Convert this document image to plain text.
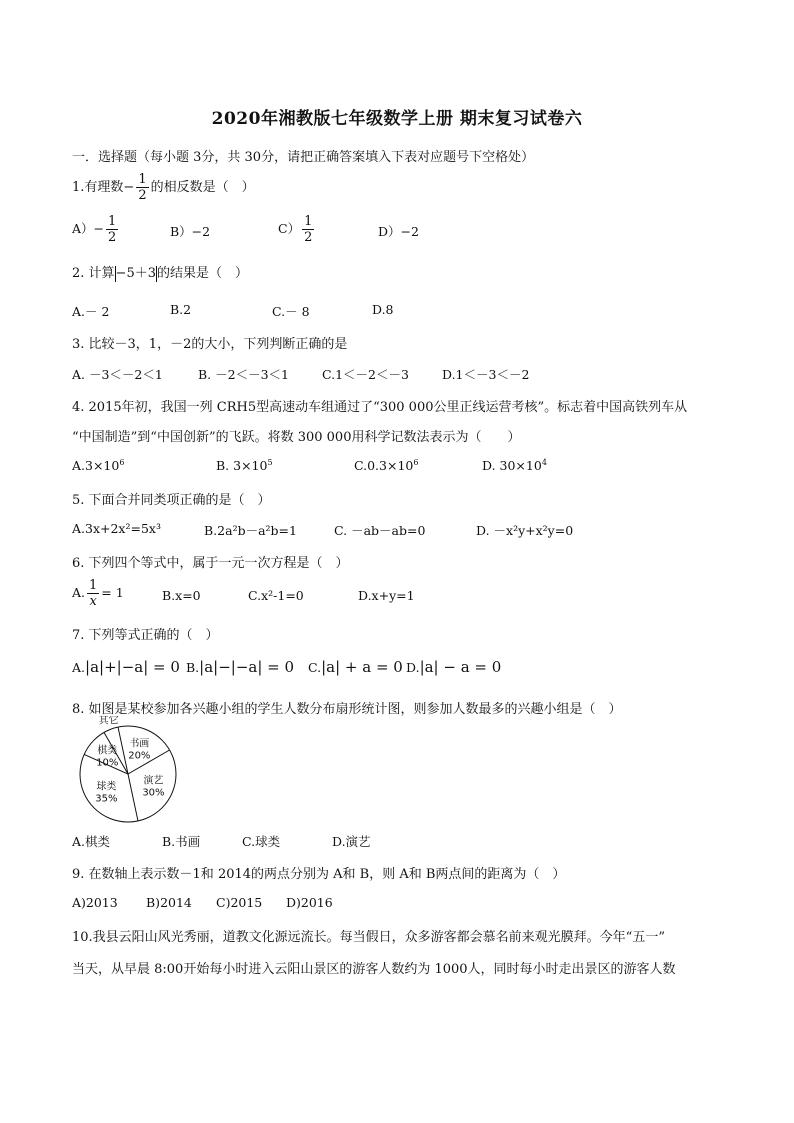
2020年湘教版七年级数学上册 期末复习试卷六
一．选择题（每小题 3分，共 30分，请把正确答案填入下表对应题号下空格处）
1.有理数− $\frac{1}{2}$ 的相反数是（　）
$A)- \frac{1}{2}$	B）−2	$C) \frac{1}{2}$	D）−2
2. 计算−5＋3的结果是（　）
A.－ 2	B.2	C.－ 8	D.8
3. 比较－3，1，－2的大小，下列判断正确的是
A. －3＜－2＜1	B. －2＜－3＜1	C.1＜－2＜－3	D.1＜－3＜－2
4. 2015年初，我国一列 CRH5型高速动车组通过了“300 000公里正线运营考核”。标志着中国高铁列车从
“中国制造”到“中国创新”的飞跃。将数 300 000用科学记数法表示为（　　）
$A.3\times 10^6$	B. $3\times 10^5$	$C.0.3\times 10^6$	D. $30\times 10^4$
5. 下面合并同类项正确的是（　）
A.3x+2x²=5x³	B.2a²b－a²b=1	C. －ab－ab=0	D. －x²y+x²y=0
6. 下列四个等式中，属于一元一次方程是（　）
A. $\frac{1}{x} = 1$	B.x=0	C.x²-1=0	D.x+y=1
7. 下列等式正确的（　）
A.|a|+|−a| = 0 B.|a|−|−a| = 0 C.|a| + a = 0 D.|a| − a = 0
8. 如图是某校参加各兴趣小组的学生人数分布扇形统计图，则参加人数最多的兴趣小组是（　）
其它
书画
20%
演艺
30%
球类
35%
棋类
10%
A.棋类	B.书画	C.球类	D.演艺
9. 在数轴上表示数－1和 2014的两点分别为 A和 B，则 A和 B两点间的距离为（　）
A)2013 B)2014 C)2015 D)2016
10.我县云阳山风光秀丽，道教文化源远流长。每当假日，众多游客都会慕名前来观光膜拜。今年“五一”
当天，从早晨 8:00开始每小时进入云阳山景区的游客人数约为 1000人，同时每小时走出景区的游客人数
